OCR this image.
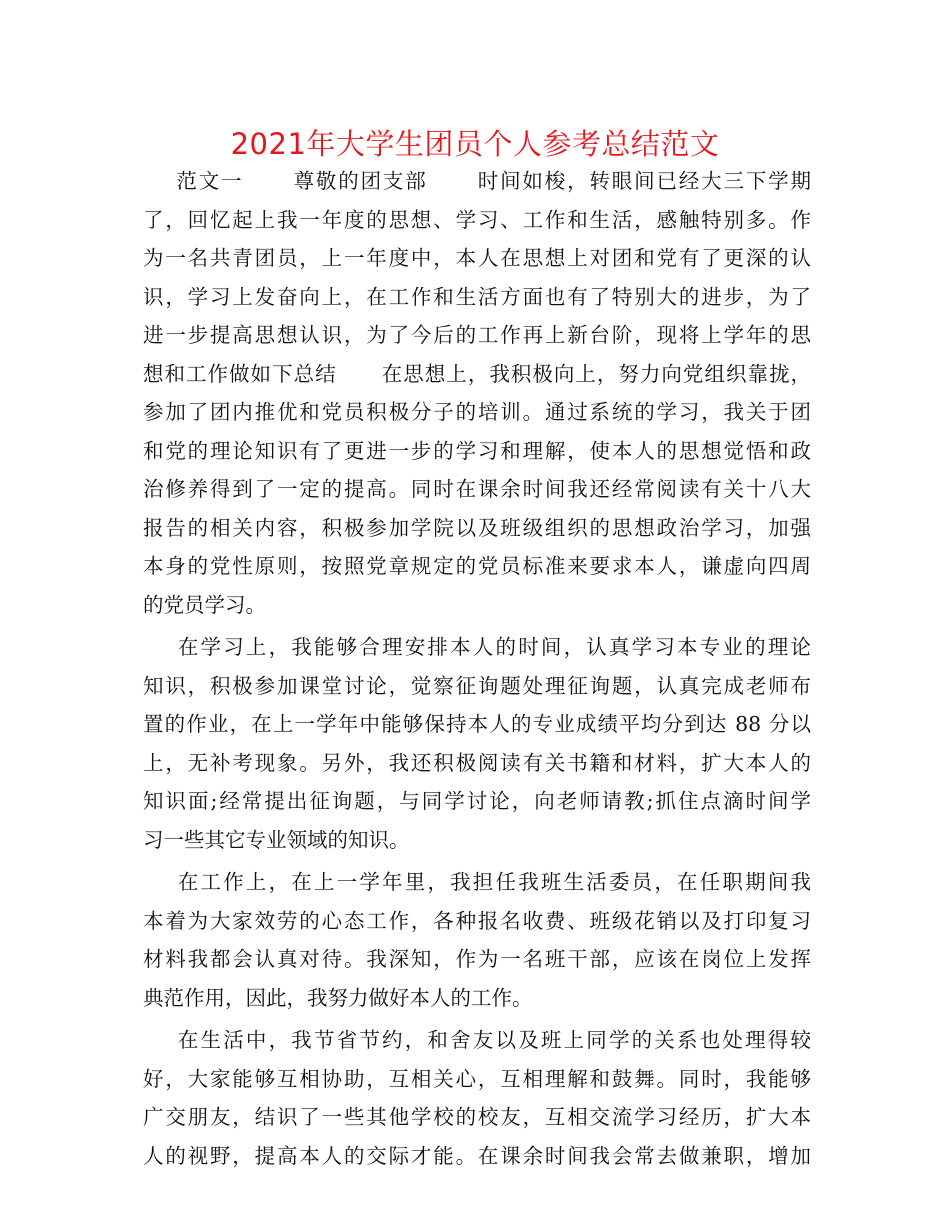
2021年大学生团员个人参考总结范文
范文一      尊敬的团支部      时间如梭，转眼间已经大三下学期
了，回忆起上我一年度的思想、学习、工作和生活，感触特别多。作
为一名共青团员，上一年度中，本人在思想上对团和党有了更深的认
识，学习上发奋向上，在工作和生活方面也有了特别大的进步，为了
进一步提高思想认识，为了今后的工作再上新台阶，现将上学年的思
想和工作做如下总结      在思想上，我积极向上，努力向党组织靠拢，
参加了团内推优和党员积极分子的培训。通过系统的学习，我关于团
和党的理论知识有了更进一步的学习和理解，使本人的思想觉悟和政
治修养得到了一定的提高。同时在课余时间我还经常阅读有关十八大
报告的相关内容，积极参加学院以及班级组织的思想政治学习，加强
本身的党性原则，按照党章规定的党员标准来要求本人，谦虚向四周
的党员学习。
在学习上，我能够合理安排本人的时间，认真学习本专业的理论
知识，积极参加课堂讨论，觉察征询题处理征询题，认真完成老师布
置的作业，在上一学年中能够保持本人的专业成绩平均分到达 88 分以
上，无补考现象。另外，我还积极阅读有关书籍和材料，扩大本人的
知识面;经常提出征询题，与同学讨论，向老师请教;抓住点滴时间学
习一些其它专业领域的知识。
在工作上，在上一学年里，我担任我班生活委员，在任职期间我
本着为大家效劳的心态工作，各种报名收费、班级花销以及打印复习
材料我都会认真对待。我深知，作为一名班干部，应该在岗位上发挥
典范作用，因此，我努力做好本人的工作。
在生活中，我节省节约，和舍友以及班上同学的关系也处理得较
好，大家能够互相协助，互相关心，互相理解和鼓舞。同时，我能够
广交朋友，结识了一些其他学校的校友，互相交流学习经历，扩大本
人的视野，提高本人的交际才能。在课余时间我会常去做兼职，增加
